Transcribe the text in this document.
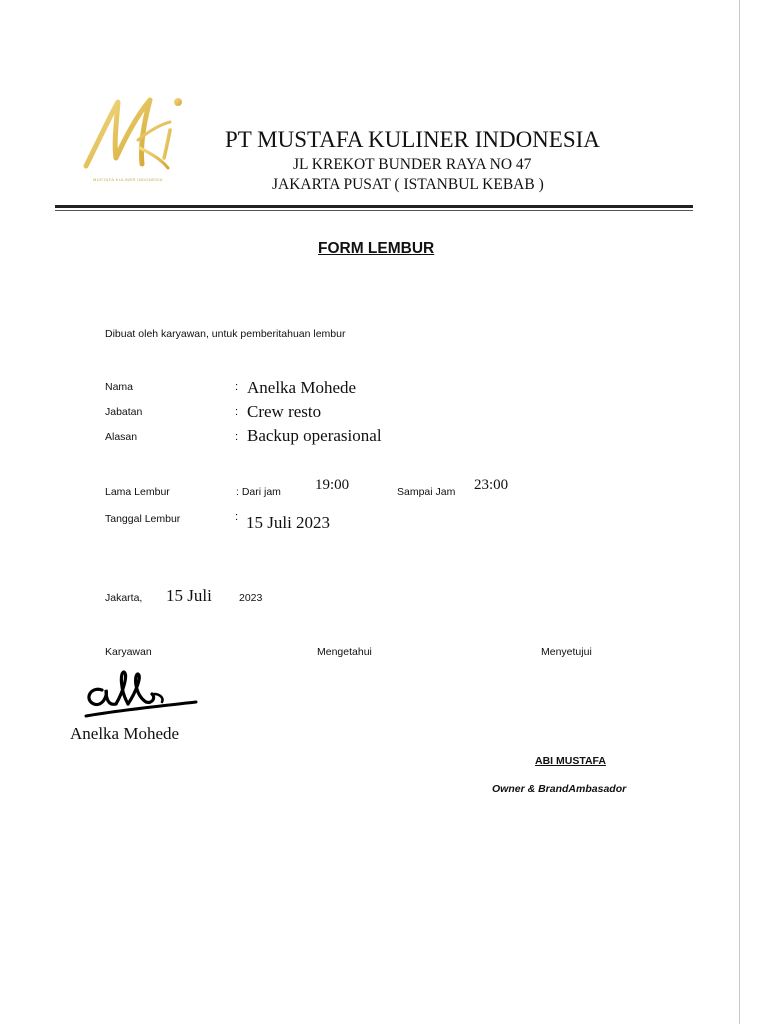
MUSTAFA KULINER INDONESIA
PT MUSTAFA KULINER INDONESIA
JL KREKOT BUNDER RAYA NO 47
JAKARTA PUSAT ( ISTANBUL KEBAB )
FORM LEMBUR
Dibuat oleh karyawan, untuk pemberitahuan lembur
Nama	: Anelka Mohede
Jabatan	: Crew resto
Alasan	: Backup operasional
Lama Lembur	: Dari jam 19:00	Sampai Jam 23:00
Tanggal Lembur	: 15 Juli 2023
Jakarta, 15 Juli	2023
Karyawan	Mengetahui	Menyetujui
Anelka Mohede
ABI MUSTAFA
Owner & BrandAmbasador
